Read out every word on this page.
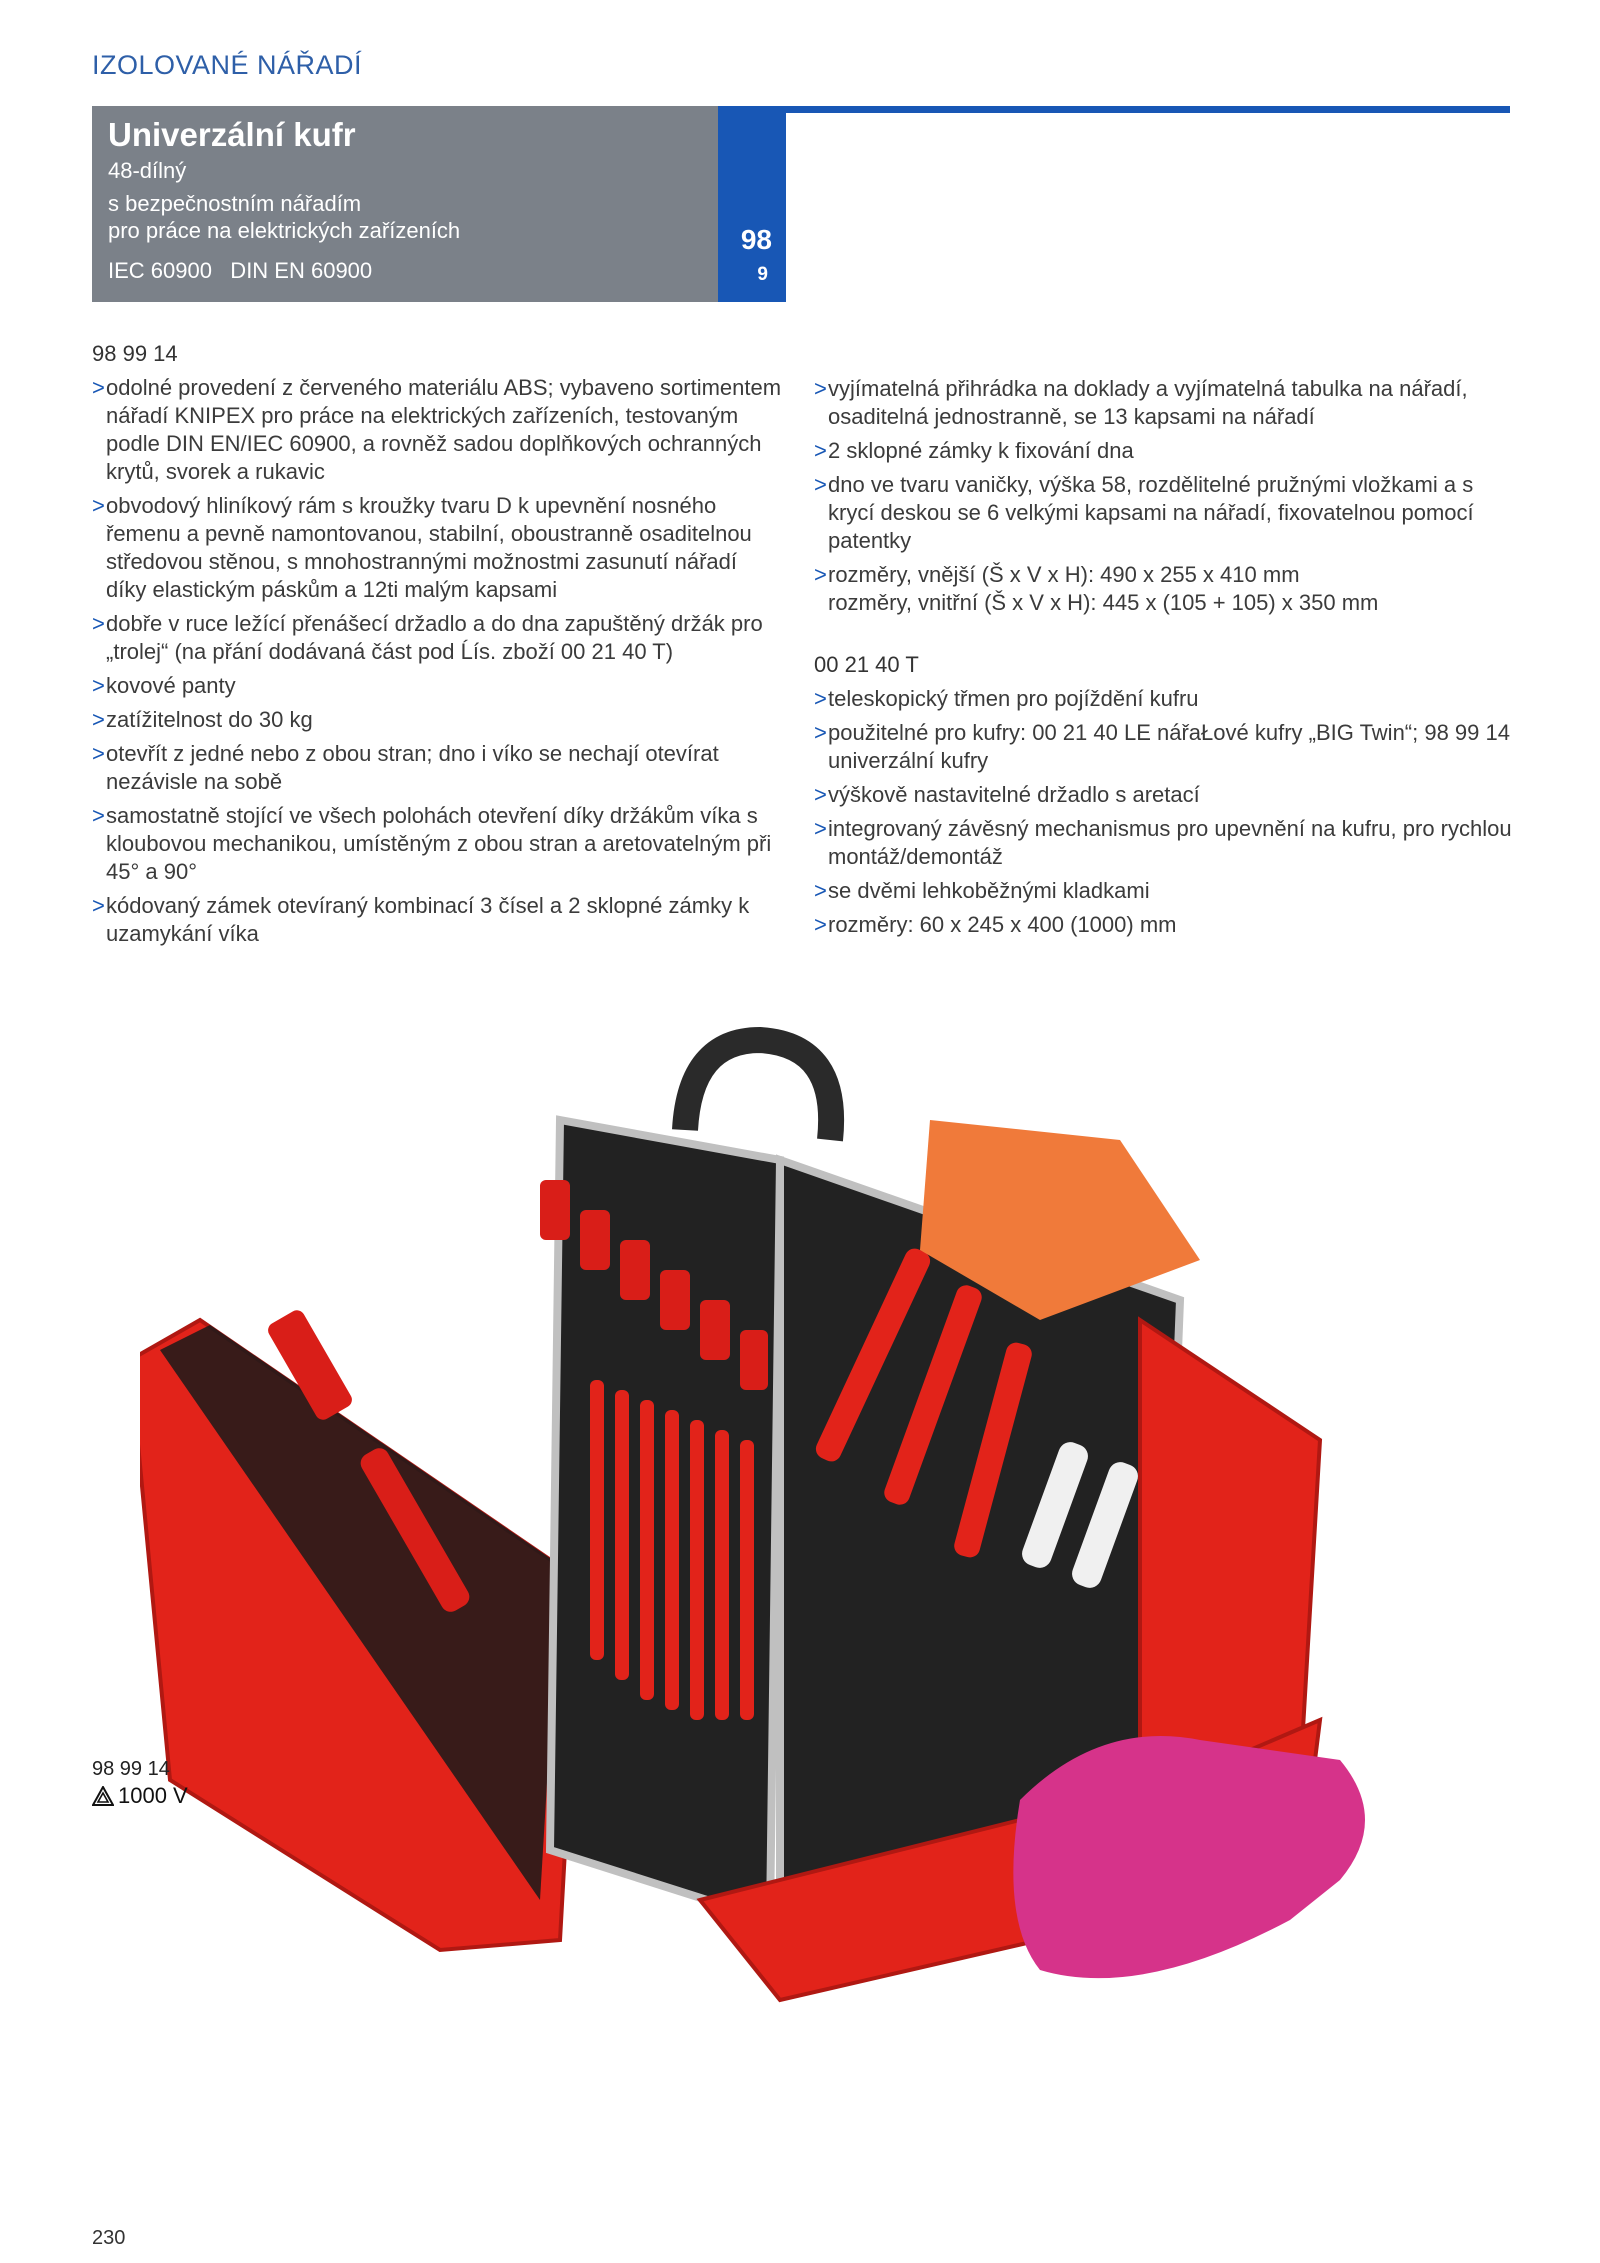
IZOLOVANÉ NÁŘADÍ
Univerzální kufr
48-dílný
s bezpečnostním nářadím
pro práce na elektrických zařízeních
IEC 60900   DIN EN 60900
98
9
98 99 14
> odolné provedení z červeného materiálu ABS; vybaveno sortimentem nářadí KNIPEX pro práce na elektrických zařízeních, testovaným podle DIN EN/IEC 60900, a rovněž sadou doplňkových ochranných krytů, svorek a rukavic
> obvodový hliníkový rám s kroužky tvaru D k upevnění nosného řemenu a pevně namontovanou, stabilní, oboustranně osaditelnou středovou stěnou, s mnohostrannými možnostmi zasunutí nářadí díky elastickým páskům a 12ti malým kapsami
> dobře v ruce ležící přenášecí držadlo a do dna zapuštěný držák pro „trolej“ (na přání dodávaná část pod Ĺís. zboží 00 21 40 T)
> kovové panty
> zatížitelnost do 30 kg
> otevřít z jedné nebo z obou stran; dno i víko se nechají otevírat nezávisle na sobě
> samostatně stojící ve všech polohách otevření díky držákům víka s kloubovou mechanikou, umístěným z obou stran a aretovatelným při 45° a 90°
> kódovaný zámek otevíraný kombinací 3 čísel a 2 sklopné zámky k uzamykání víka
> vyjímatelná přihrádka na doklady a vyjímatelná tabulka na nářadí, osaditelná jednostranně, se 13 kapsami na nářadí
> 2 sklopné zámky k fixování dna
> dno ve tvaru vaničky, výška 58, rozdělitelné pružnými vložkami a s krycí deskou se 6 velkými kapsami na nářadí, fixovatelnou pomocí patentky
> rozměry, vnější (Š x V x H): 490 x 255 x 410 mm
rozměry, vnitřní (Š x V x H): 445 x (105 + 105) x 350 mm
00 21 40 T
> teleskopický třmen pro pojíždění kufru
> použitelné pro kufry: 00 21 40 LE nářaŁové kufry „BIG Twin“; 98 99 14 univerzální kufry
> výškově nastavitelné držadlo s aretací
> integrovaný závěsný mechanismus pro upevnění na kufru, pro rychlou montáž/demontáž
> se dvěmi lehkoběžnými kladkami
> rozměry: 60 x 245 x 400 (1000) mm
98 99 14
1000 V
230
